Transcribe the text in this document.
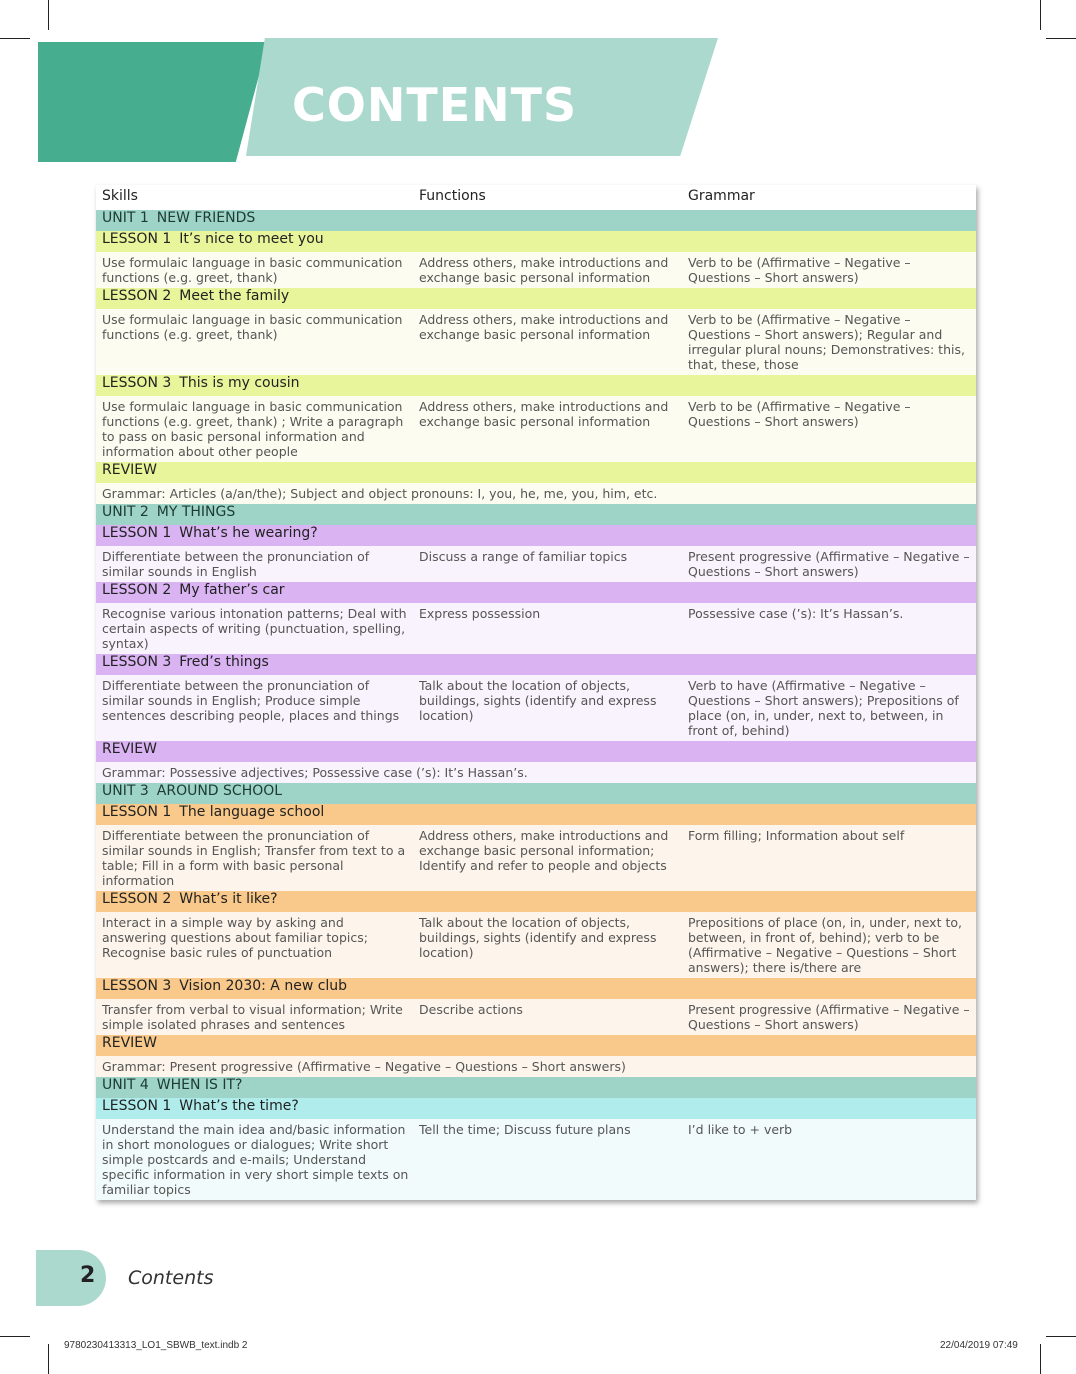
CONTENTS
Skills	Functions	Grammar
UNIT 1 NEW FRIENDS		
LESSON 1 It’s nice to meet you		
Use formulaic language in basic communication functions (e.g. greet, thank)	Address others, make introductions and exchange basic personal information	Verb to be (Affirmative – Negative – Questions – Short answers)
LESSON 2 Meet the family		
Use formulaic language in basic communication functions (e.g. greet, thank)	Address others, make introductions and exchange basic personal information	Verb to be (Affirmative – Negative – Questions – Short answers); Regular and irregular plural nouns; Demonstratives: this, that, these, those
LESSON 3 This is my cousin		
Use formulaic language in basic communication functions (e.g. greet, thank) ; Write a paragraph to pass on basic personal information and information about other people	Address others, make introductions and exchange basic personal information	Verb to be (Affirmative – Negative – Questions – Short answers)
REVIEW		
Grammar: Articles (a/an/the); Subject and object pronouns: I, you, he, me, you, him, etc.		
UNIT 2 MY THINGS		
LESSON 1 What’s he wearing?		
Differentiate between the pronunciation of similar sounds in English	Discuss a range of familiar topics	Present progressive (Affirmative – Negative – Questions – Short answers)
LESSON 2 My father’s car		
Recognise various intonation patterns; Deal with certain aspects of writing (punctuation, spelling, syntax)	Express possession	Possessive case (’s): It’s Hassan’s.
LESSON 3 Fred’s things		
Differentiate between the pronunciation of similar sounds in English; Produce simple sentences describing people, places and things	Talk about the location of objects, buildings, sights (identify and express location)	Verb to have (Affirmative – Negative – Questions – Short answers); Prepositions of place (on, in, under, next to, between, in front of, behind)
REVIEW		
Grammar: Possessive adjectives; Possessive case (’s): It’s Hassan’s.		
UNIT 3 AROUND SCHOOL		
LESSON 1 The language school		
Differentiate between the pronunciation of similar sounds in English; Transfer from text to a table; Fill in a form with basic personal information	Address others, make introductions and exchange basic personal information; Identify and refer to people and objects	Form filling; Information about self
LESSON 2 What’s it like?		
Interact in a simple way by asking and answering questions about familiar topics; Recognise basic rules of punctuation	Talk about the location of objects, buildings, sights (identify and express location)	Prepositions of place (on, in, under, next to, between, in front of, behind); verb to be (Affirmative – Negative – Questions – Short answers); there is/there are
LESSON 3 Vision 2030: A new club		
Transfer from verbal to visual information; Write simple isolated phrases and sentences	Describe actions	Present progressive (Affirmative – Negative – Questions – Short answers)
REVIEW		
Grammar: Present progressive (Affirmative – Negative – Questions – Short answers)		
UNIT 4 WHEN IS IT?		
LESSON 1 What’s the time?		
Understand the main idea and/basic information in short monologues or dialogues; Write short simple postcards and e-mails; Understand specific information in very short simple texts on familiar topics	Tell the time; Discuss future plans	I’d like to + verb
2 Contents
9780230413313_LO1_SBWB_text.indb 2	22/04/2019 07:49
